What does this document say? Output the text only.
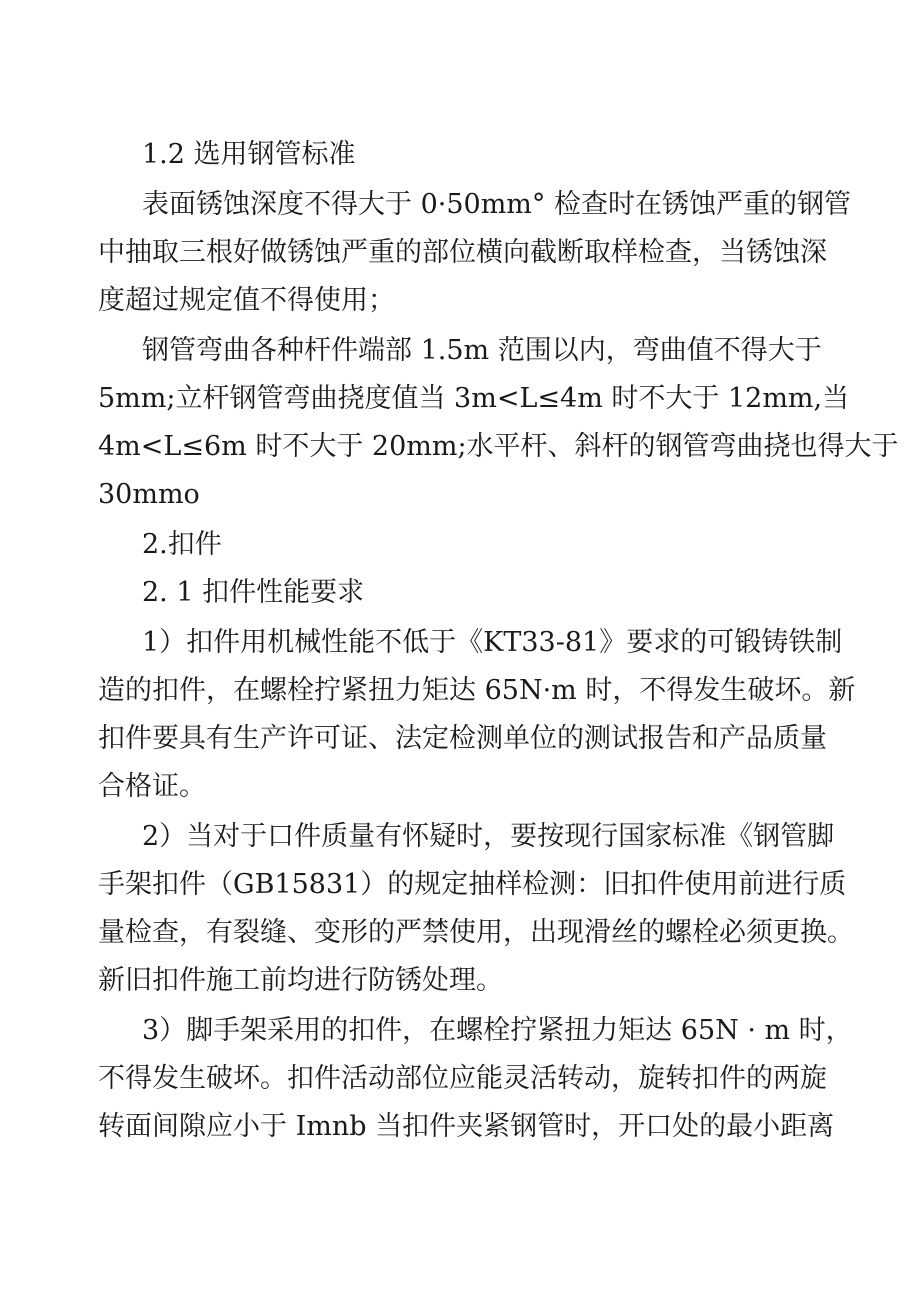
1.2 选用钢管标准
表面锈蚀深度不得大于 0·50mm° 检查时在锈蚀严重的钢管
中抽取三根好做锈蚀严重的部位横向截断取样检查，当锈蚀深
度超过规定值不得使用；
钢管弯曲各种杆件端部 1.5m 范围以内，弯曲值不得大于
5mm;立杆钢管弯曲挠度值当 3m<L≤4m 时不大于 12mm,当
4m<L≤6m 时不大于 20mm;水平杆、斜杆的钢管弯曲挠也得大于
30mmo
2.扣件
2. 1 扣件性能要求
1）扣件用机械性能不低于《KT33-81》要求的可锻铸铁制
造的扣件，在螺栓拧紧扭力矩达 65N·m 时，不得发生破坏。新
扣件要具有生产许可证、法定检测单位的测试报告和产品质量
合格证。
2）当对于口件质量有怀疑时，要按现行国家标准《钢管脚
手架扣件（GB15831）的规定抽样检测：旧扣件使用前进行质
量检查，有裂缝、变形的严禁使用，出现滑丝的螺栓必须更换。
新旧扣件施工前均进行防锈处理。
3）脚手架采用的扣件，在螺栓拧紧扭力矩达 65N · m 时，
不得发生破坏。扣件活动部位应能灵活转动，旋转扣件的两旋
转面间隙应小于 Imnb 当扣件夹紧钢管时，开口处的最小距离
